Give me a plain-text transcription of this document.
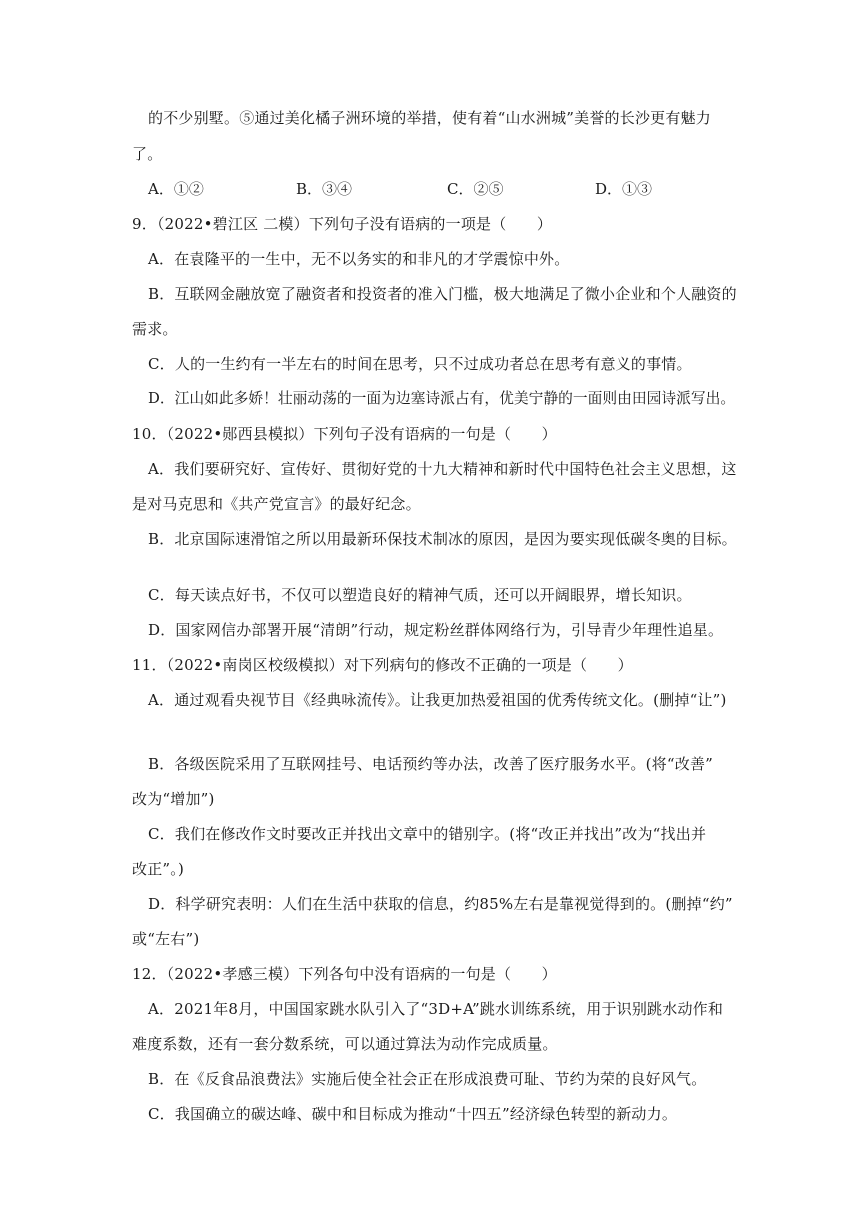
的不少别墅。⑤通过美化橘子洲环境的举措，使有着“山水洲城”美誉的长沙更有魅力
了。
A．①②	B．③④	C．②⑤	D．①③
9．（2022•碧江区 二模）下列句子没有语病的一项是（　　）
A．在袁隆平的一生中，无不以务实的和非凡的才学震惊中外。
B．互联网金融放宽了融资者和投资者的准入门槛，极大地满足了微小企业和个人融资的
需求。
C．人的一生约有一半左右的时间在思考，只不过成功者总在思考有意义的事情。
D．江山如此多娇！壮丽动荡的一面为边塞诗派占有，优美宁静的一面则由田园诗派写出。
10．（2022•郧西县模拟）下列句子没有语病的一句是（　　）
A．我们要研究好、宣传好、贯彻好党的十九大精神和新时代中国特色社会主义思想，这
是对马克思和《共产党宣言》的最好纪念。
B．北京国际速滑馆之所以用最新环保技术制冰的原因，是因为要实现低碳冬奥的目标。
C．每天读点好书，不仅可以塑造良好的精神气质，还可以开阔眼界，增长知识。
D．国家网信办部署开展“清朗”行动，规定粉丝群体网络行为，引导青少年理性追星。
11．（2022•南岗区校级模拟）对下列病句的修改不正确的一项是（　　）
A．通过观看央视节目《经典咏流传》。让我更加热爱祖国的优秀传统文化。(删掉“让”)
B．各级医院采用了互联网挂号、电话预约等办法，改善了医疗服务水平。(将“改善”
改为“增加”)
C．我们在修改作文时要改正并找出文章中的错别字。(将“改正并找出”改为“找出并
改正”。)
D．科学研究表明：人们在生活中获取的信息，约85%左右是靠视觉得到的。(删掉“约”
或“左右”)
12．（2022•孝感三模）下列各句中没有语病的一句是（　　）
A．2021年8月，中国国家跳水队引入了“3D+A”跳水训练系统，用于识别跳水动作和
难度系数，还有一套分数系统，可以通过算法为动作完成质量。
B．在《反食品浪费法》实施后使全社会正在形成浪费可耻、节约为荣的良好风气。
C．我国确立的碳达峰、碳中和目标成为推动“十四五”经济绿色转型的新动力。
